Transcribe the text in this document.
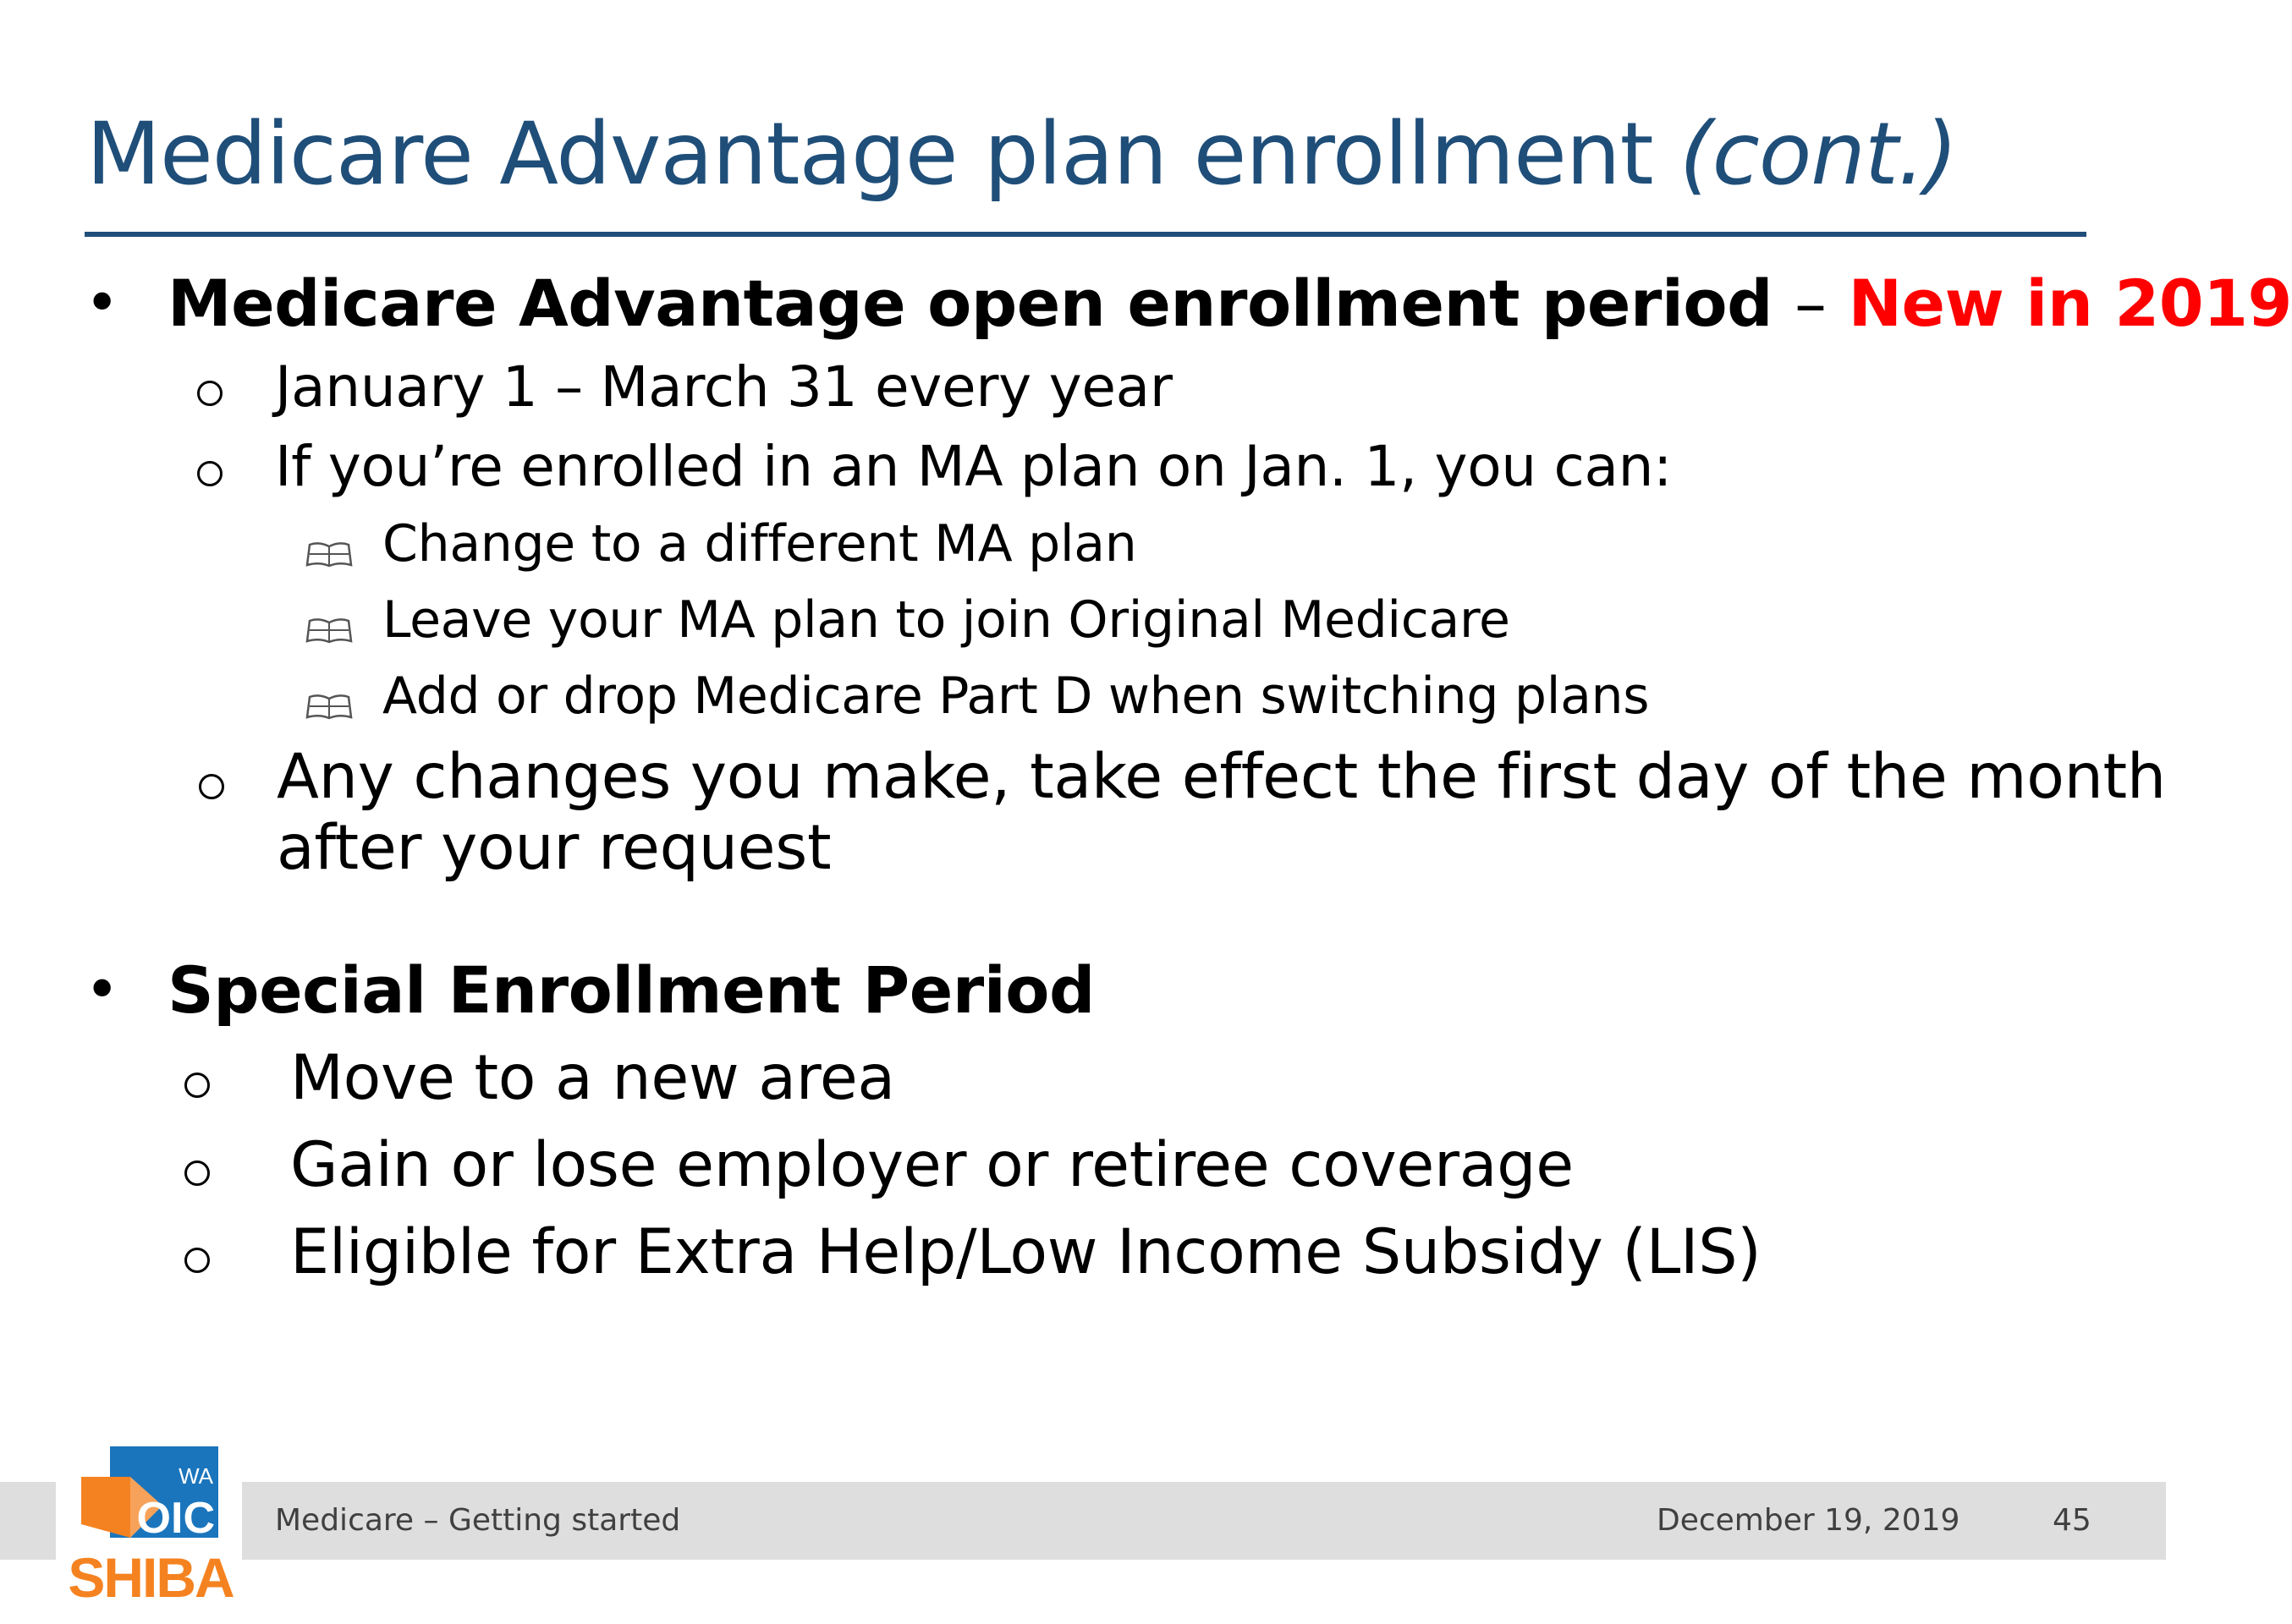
Medicare Advantage plan enrollment (cont.)
• Medicare Advantage open enrollment period – New in 2019
January 1 – March 31 every year
If you’re enrolled in an MA plan on Jan. 1, you can:
Change to a different MA plan
Leave your MA plan to join Original Medicare
Add or drop Medicare Part D when switching plans
Any changes you make, take effect the first day of the month
after your request
• Special Enrollment Period
Move to a new area
Gain or lose employer or retiree coverage
Eligible for Extra Help/Low Income Subsidy (LIS)
WA
OIC
SHIBA
Medicare – Getting started	December 19, 2019	45
